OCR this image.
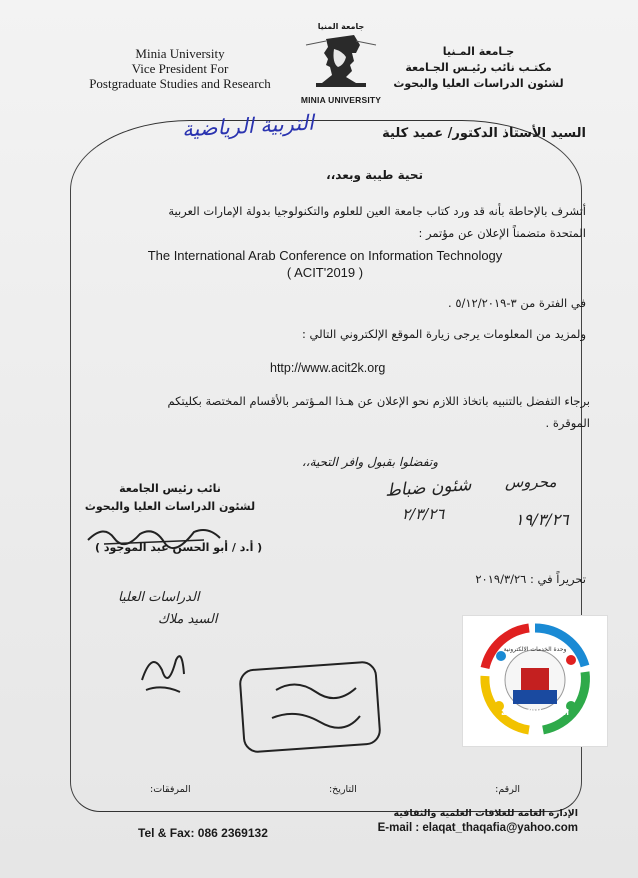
Minia University
Vice President For
Postgraduate Studies and Research
جامعة المنيا
MINIA UNIVERSITY
جـامعة المـنيا
مكتـب نائب رئيـس الجـامعة
لشئون الدراسات العليا والبحوث
السيد الأستاذ الدكتور/ عميد كلية
التربية الرياضية
تحية طيبة وبعد،،
أتشرف بالإحاطة بأنه قد ورد كتاب جامعة العين للعلوم والتكنولوجيا بدولة الإمارات العربية المتحدة متضمناً الإعلان عن مؤتمر :
The International Arab Conference on Information Technology
( ACIT'2019 )
في الفترة من ٣-٥/١٢/٢٠١٩ .
ولمزيد من المعلومات يرجى زيارة الموقع الإلكتروني التالي :
http://www.acit2k.org
برجاء التفضل بالتنبيه باتخاذ اللازم نحو الإعلان عن هـذا المـؤتمر بالأقسام المختصة بكليتكم الموقرة .
وتفضلوا بقبول وافر التحية،،
نائب رئيس الجامعة
لشئون الدراسات العليا والبحوث
( أ.د / أبو الحسن عبد الموجود )
شئون ضباط
٢/٣/٢٦
محروس
١٩/٣/٢٦
الدراسات العليا
السيد ملاك
تحريراً في : ٢٠١٩/٣/٢٦
وحدة الخدمات الالكترونية
البوابة الالكترونية
الرقم:
التاريخ:
المرفقات:
الإدارة العامة للعلاقات العلمية والثقافية
Tel & Fax: 086 2369132	E-mail : elaqat_thaqafia@yahoo.com
